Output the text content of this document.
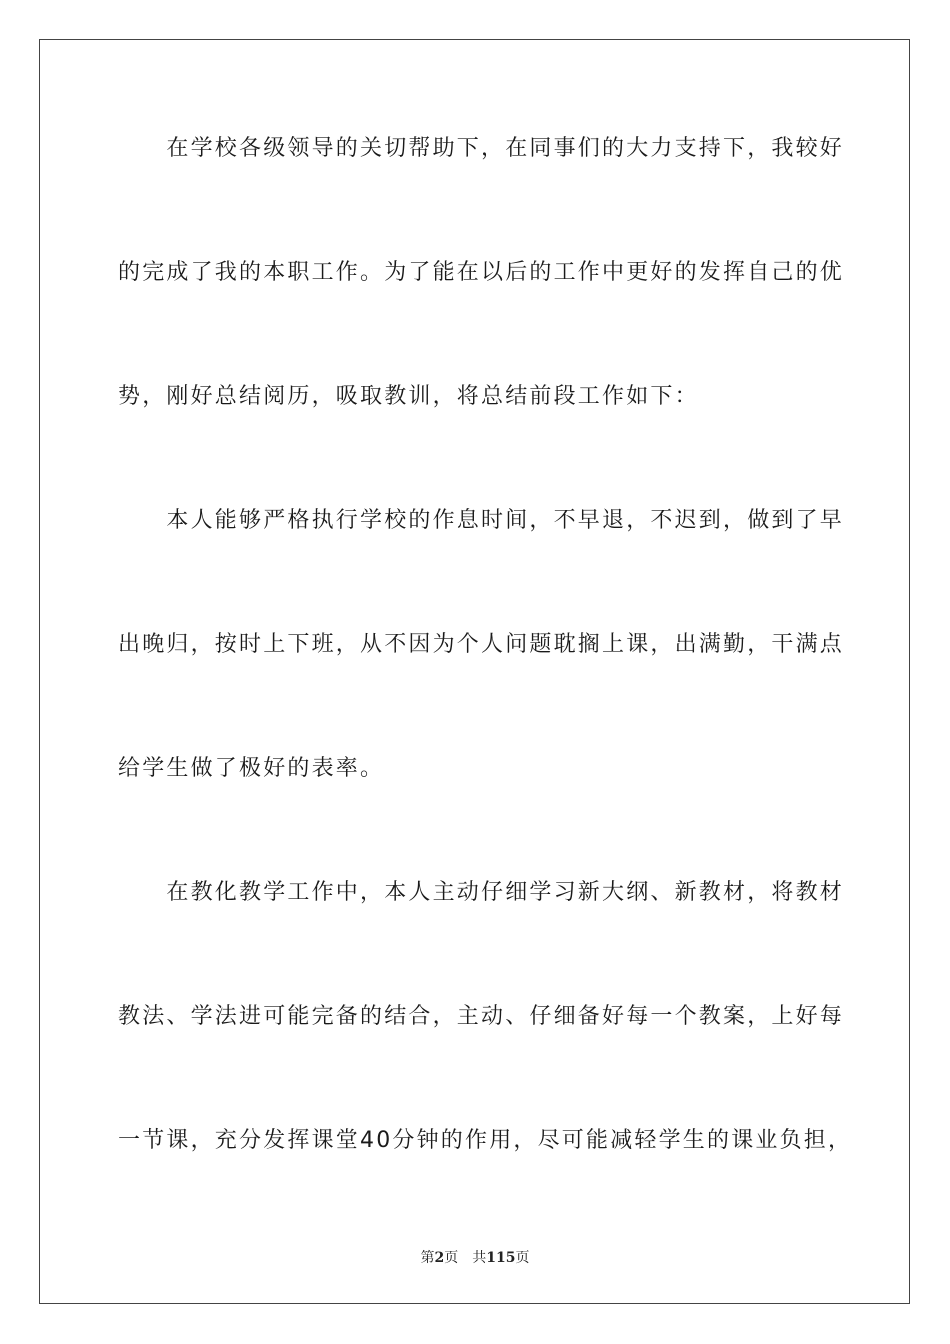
　　在学校各级领导的关切帮助下，在同事们的大力支持下，我较好
的完成了我的本职工作。为了能在以后的工作中更好的发挥自己的优
势，刚好总结阅历，吸取教训，将总结前段工作如下：
　　本人能够严格执行学校的作息时间，不早退，不迟到，做到了早
出晚归，按时上下班，从不因为个人问题耽搁上课，出满勤，干满点
给学生做了极好的表率。
　　在教化教学工作中，本人主动仔细学习新大纲、新教材，将教材
教法、学法进可能完备的结合，主动、仔细备好每一个教案，上好每
一节课，充分发挥课堂40分钟的作用，尽可能减轻学生的课业负担，
第2页 共115页
